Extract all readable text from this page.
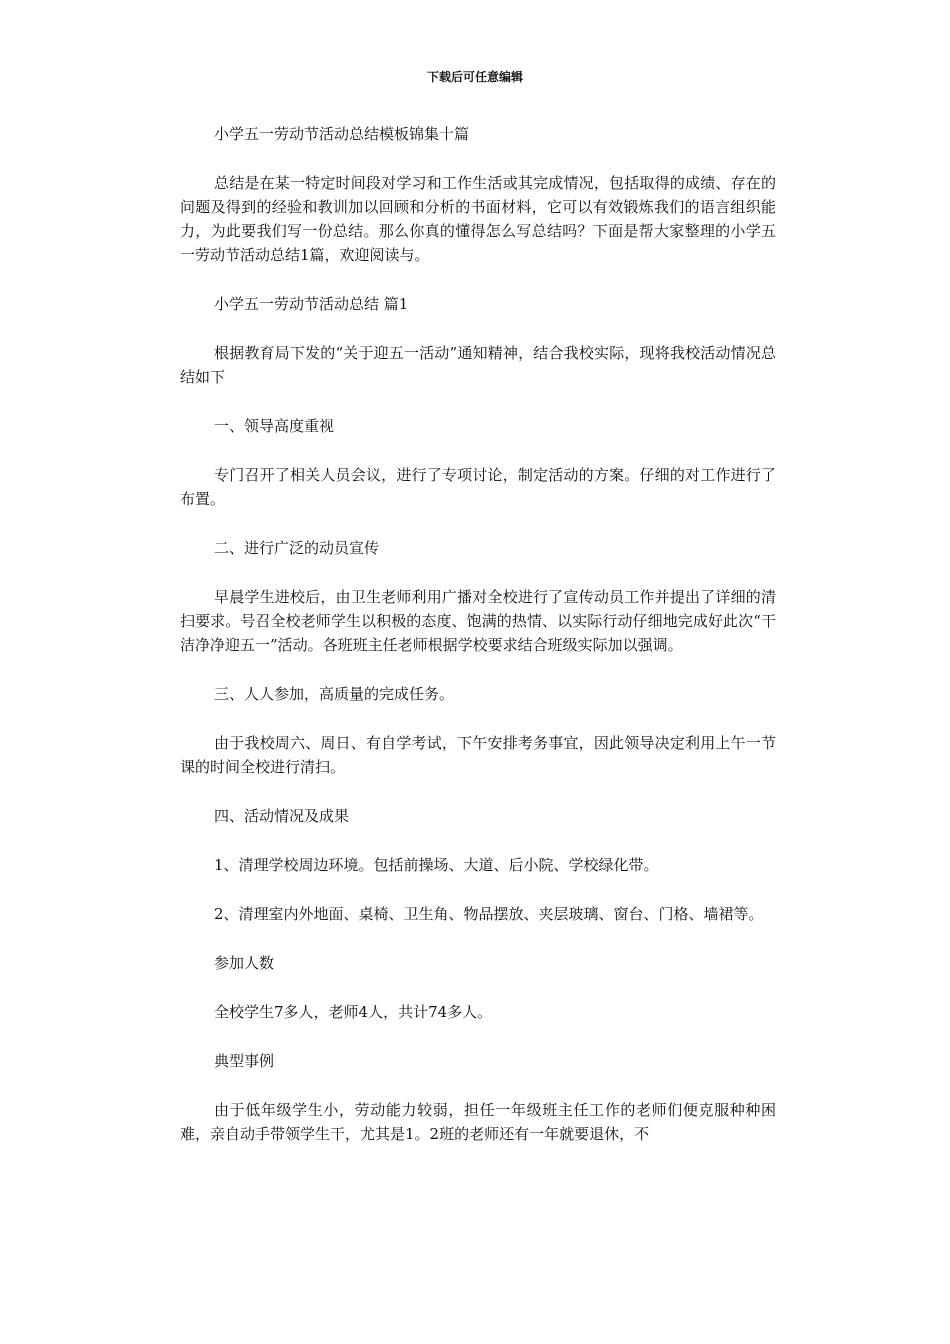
下载后可任意编辑

小学五一劳动节活动总结模板锦集十篇

总结是在某一特定时间段对学习和工作生活或其完成情况，包括取得的成绩、存在的问题及得到的经验和教训加以回顾和分析的书面材料，它可以有效锻炼我们的语言组织能力，为此要我们写一份总结。那么你真的懂得怎么写总结吗？下面是帮大家整理的小学五一劳动节活动总结1篇，欢迎阅读与。

小学五一劳动节活动总结 篇1

根据教育局下发的“关于迎五一活动”通知精神，结合我校实际，现将我校活动情况总结如下

一、领导高度重视

专门召开了相关人员会议，进行了专项讨论，制定活动的方案。仔细的对工作进行了布置。

二、进行广泛的动员宣传

早晨学生进校后，由卫生老师利用广播对全校进行了宣传动员工作并提出了详细的清扫要求。号召全校老师学生以积极的态度、饱满的热情、以实际行动仔细地完成好此次“干洁净净迎五一”活动。各班班主任老师根据学校要求结合班级实际加以强调。

三、人人参加，高质量的完成任务。

由于我校周六、周日、有自学考试，下午安排考务事宜，因此领导决定利用上午一节课的时间全校进行清扫。

四、活动情况及成果

1、清理学校周边环境。包括前操场、大道、后小院、学校绿化带。

2、清理室内外地面、桌椅、卫生角、物品摆放、夹层玻璃、窗台、门格、墙裙等。

参加人数

全校学生7多人，老师4人，共计74多人。

典型事例

由于低年级学生小，劳动能力较弱，担任一年级班主任工作的老师们便克服种种困难，亲自动手带领学生干，尤其是1。2班的老师还有一年就要退休，不
